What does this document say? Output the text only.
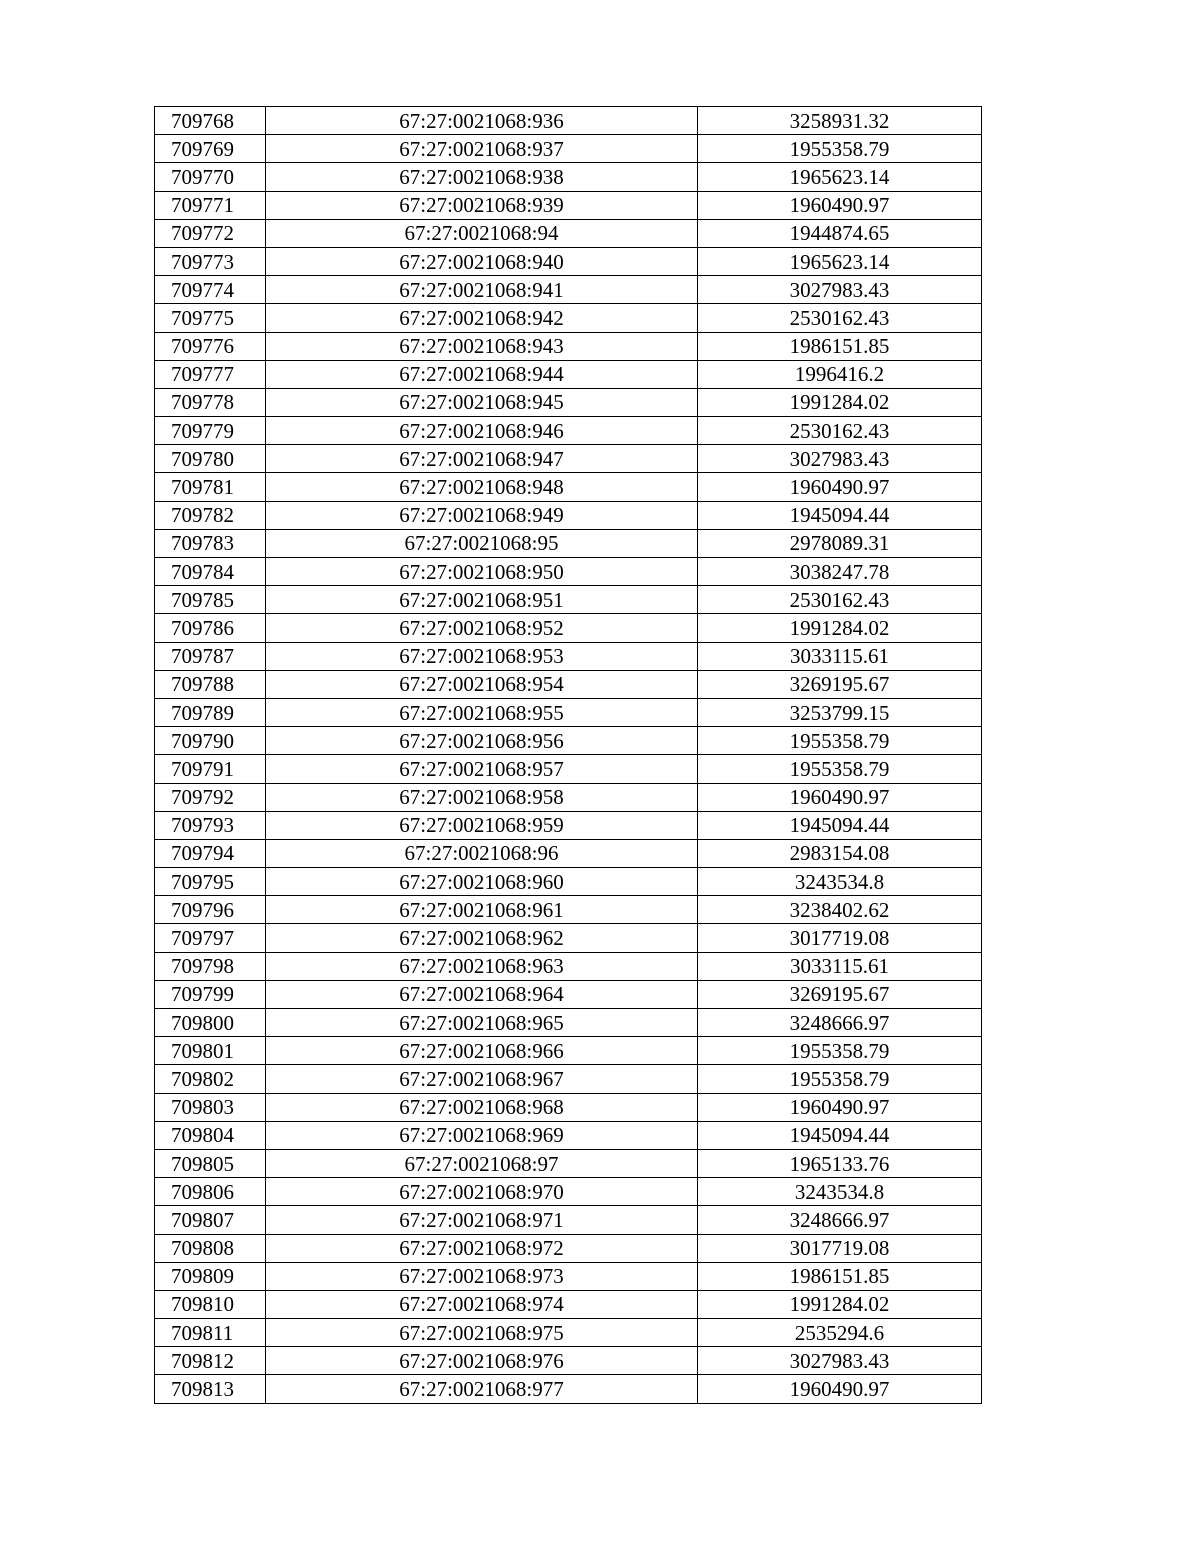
709768	67:27:0021068:936	3258931.32
709769	67:27:0021068:937	1955358.79
709770	67:27:0021068:938	1965623.14
709771	67:27:0021068:939	1960490.97
709772	67:27:0021068:94	1944874.65
709773	67:27:0021068:940	1965623.14
709774	67:27:0021068:941	3027983.43
709775	67:27:0021068:942	2530162.43
709776	67:27:0021068:943	1986151.85
709777	67:27:0021068:944	1996416.2
709778	67:27:0021068:945	1991284.02
709779	67:27:0021068:946	2530162.43
709780	67:27:0021068:947	3027983.43
709781	67:27:0021068:948	1960490.97
709782	67:27:0021068:949	1945094.44
709783	67:27:0021068:95	2978089.31
709784	67:27:0021068:950	3038247.78
709785	67:27:0021068:951	2530162.43
709786	67:27:0021068:952	1991284.02
709787	67:27:0021068:953	3033115.61
709788	67:27:0021068:954	3269195.67
709789	67:27:0021068:955	3253799.15
709790	67:27:0021068:956	1955358.79
709791	67:27:0021068:957	1955358.79
709792	67:27:0021068:958	1960490.97
709793	67:27:0021068:959	1945094.44
709794	67:27:0021068:96	2983154.08
709795	67:27:0021068:960	3243534.8
709796	67:27:0021068:961	3238402.62
709797	67:27:0021068:962	3017719.08
709798	67:27:0021068:963	3033115.61
709799	67:27:0021068:964	3269195.67
709800	67:27:0021068:965	3248666.97
709801	67:27:0021068:966	1955358.79
709802	67:27:0021068:967	1955358.79
709803	67:27:0021068:968	1960490.97
709804	67:27:0021068:969	1945094.44
709805	67:27:0021068:97	1965133.76
709806	67:27:0021068:970	3243534.8
709807	67:27:0021068:971	3248666.97
709808	67:27:0021068:972	3017719.08
709809	67:27:0021068:973	1986151.85
709810	67:27:0021068:974	1991284.02
709811	67:27:0021068:975	2535294.6
709812	67:27:0021068:976	3027983.43
709813	67:27:0021068:977	1960490.97
